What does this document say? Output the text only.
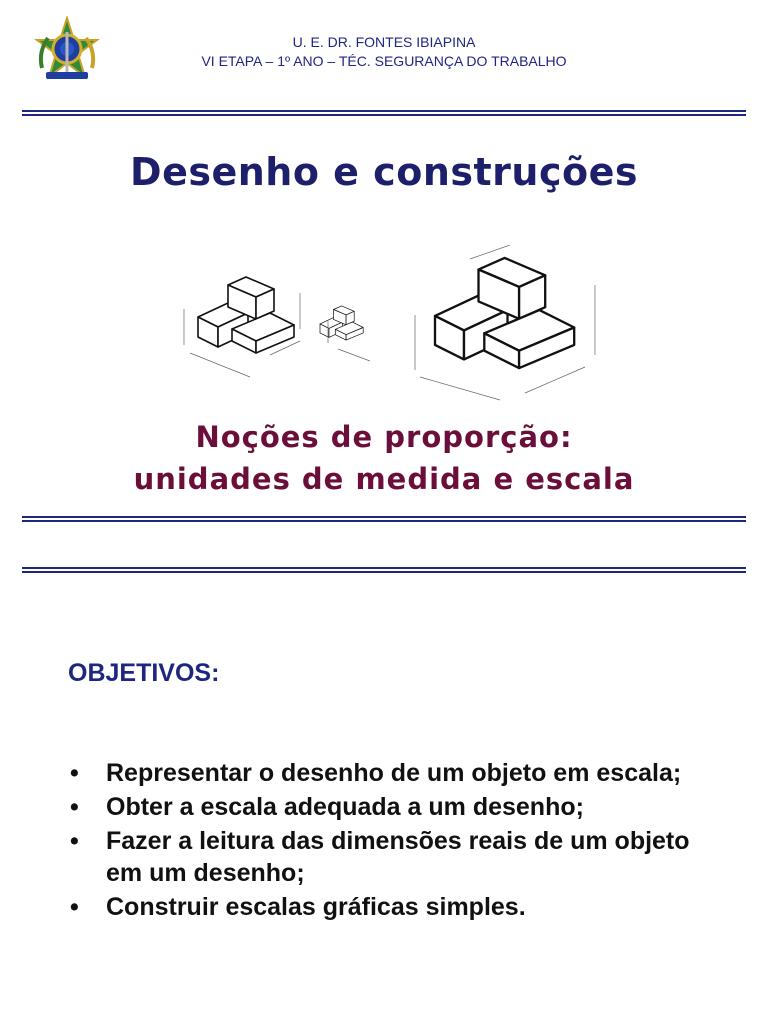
U. E. DR. FONTES IBIAPINA
VI ETAPA – 1º ANO – TÉC. SEGURANÇA DO TRABALHO
Desenho e construções
Noções de proporção:
unidades de medida e escala
OBJETIVOS:
• Representar o desenho de um objeto em escala;
• Obter a escala adequada a um desenho;
• Fazer a leitura das dimensões reais de um objeto em um desenho;
• Construir escalas gráficas simples.
